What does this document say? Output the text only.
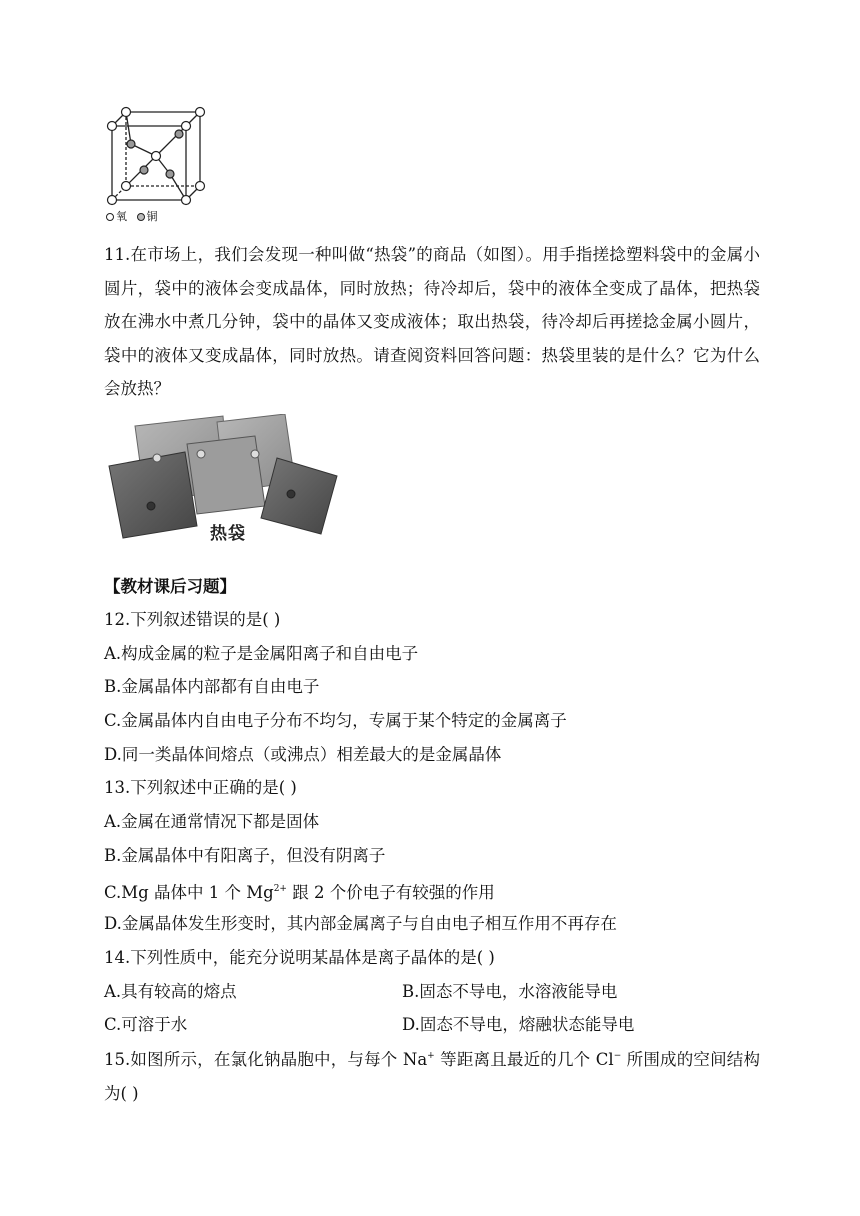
氧 铜
11.在市场上，我们会发现一种叫做“热袋”的商品（如图）。用手指搓捻塑料袋中的金属小圆片，袋中的液体会变成晶体，同时放热；待冷却后，袋中的液体全变成了晶体，把热袋放在沸水中煮几分钟，袋中的晶体又变成液体；取出热袋，待冷却后再搓捻金属小圆片，袋中的液体又变成晶体，同时放热。请查阅资料回答问题：热袋里装的是什么？它为什么会放热？
热袋
【教材课后习题】
12.下列叙述错误的是( )
A.构成金属的粒子是金属阳离子和自由电子
B.金属晶体内部都有自由电子
C.金属晶体内自由电子分布不均匀，专属于某个特定的金属离子
D.同一类晶体间熔点（或沸点）相差最大的是金属晶体
13.下列叙述中正确的是( )
A.金属在通常情况下都是固体
B.金属晶体中有阳离子，但没有阴离子
C.Mg 晶体中 1 个 $Mg^{2+}$ 跟 2 个价电子有较强的作用
D.金属晶体发生形变时，其内部金属离子与自由电子相互作用不再存在
14.下列性质中，能充分说明某晶体是离子晶体的是( )
A.具有较高的熔点	B.固态不导电，水溶液能导电
C.可溶于水	D.固态不导电，熔融状态能导电
15.如图所示，在氯化钠晶胞中，与每个 Na+ 等距离且最近的几个 Cl− 所围成的空间结构为( )
